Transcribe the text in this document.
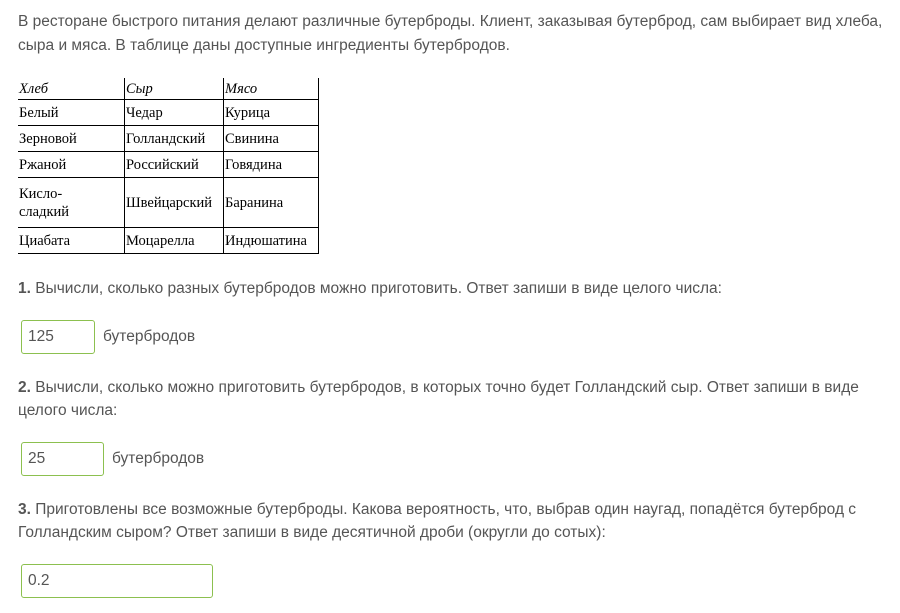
В ресторане быстрого питания делают различные бутерброды. Клиент, заказывая бутерброд, сам выбирает вид хлеба, сыра и мяса. В таблице даны доступные ингредиенты бутербродов.

Хлеб	Сыр	Мясо
Белый	Чедар	Курица
Зерновой	Голландский	Свинина
Ржаной	Российский	Говядина
Кисло-сладкий	Швейцарский	Баранина
Циабата	Моцарелла	Индюшатина

1. Вычисли, сколько разных бутербродов можно приготовить. Ответ запиши в виде целого числа:

125
бутербродов

2. Вычисли, сколько можно приготовить бутербродов, в которых точно будет Голландский сыр. Ответ запиши в виде целого числа:

25
бутербродов

3. Приготовлены все возможные бутерброды. Какова вероятность, что, выбрав один наугад, попадётся бутерброд с Голландским сыром? Ответ запиши в виде десятичной дроби (округли до сотых):

0.2
